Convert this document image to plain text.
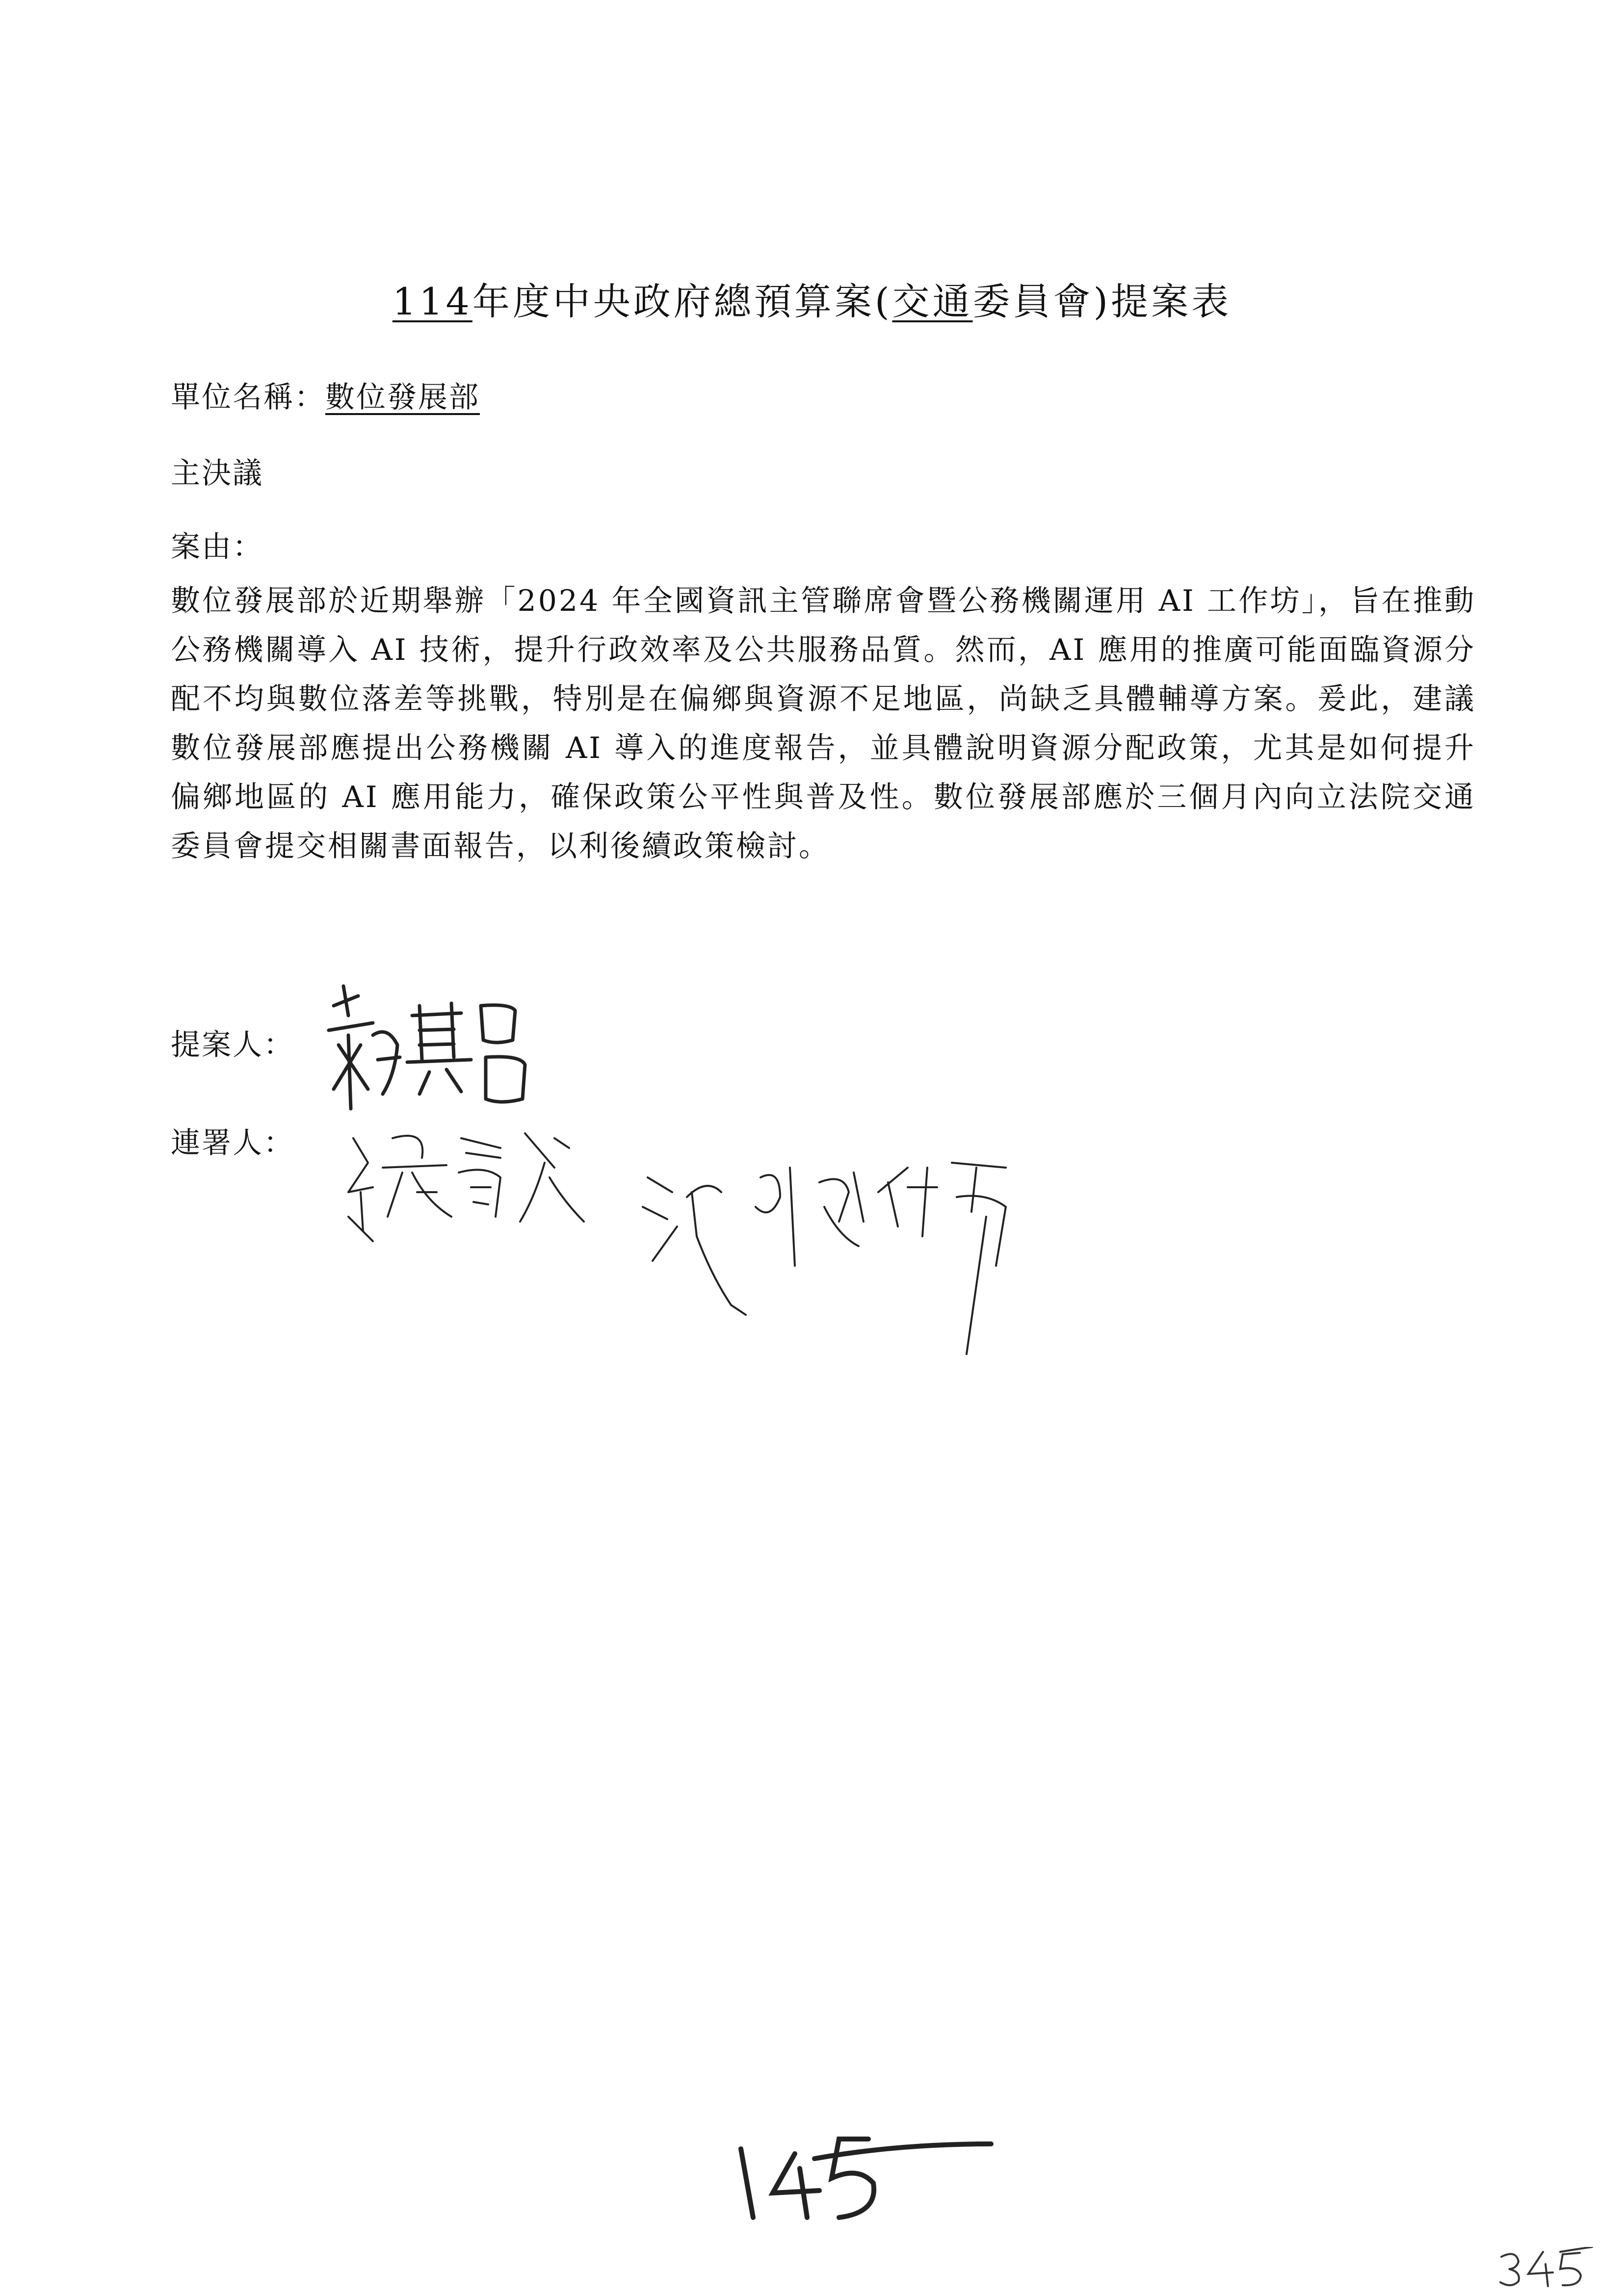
114年度中央政府總預算案(交通委員會)提案表
單位名稱：數位發展部
主決議
案由：
數位發展部於近期舉辦「2024 年全國資訊主管聯席會暨公務機關運用 AI 工作坊」，旨在推動公務機關導入 AI 技術，提升行政效率及公共服務品質。然而，AI 應用的推廣可能面臨資源分配不均與數位落差等挑戰，特別是在偏鄉與資源不足地區，尚缺乏具體輔導方案。爰此，建議數位發展部應提出公務機關 AI 導入的進度報告，並具體說明資源分配政策，尤其是如何提升偏鄉地區的 AI 應用能力，確保政策公平性與普及性。數位發展部應於三個月內向立法院交通委員會提交相關書面報告，以利後續政策檢討。
提案人：
連署人：
